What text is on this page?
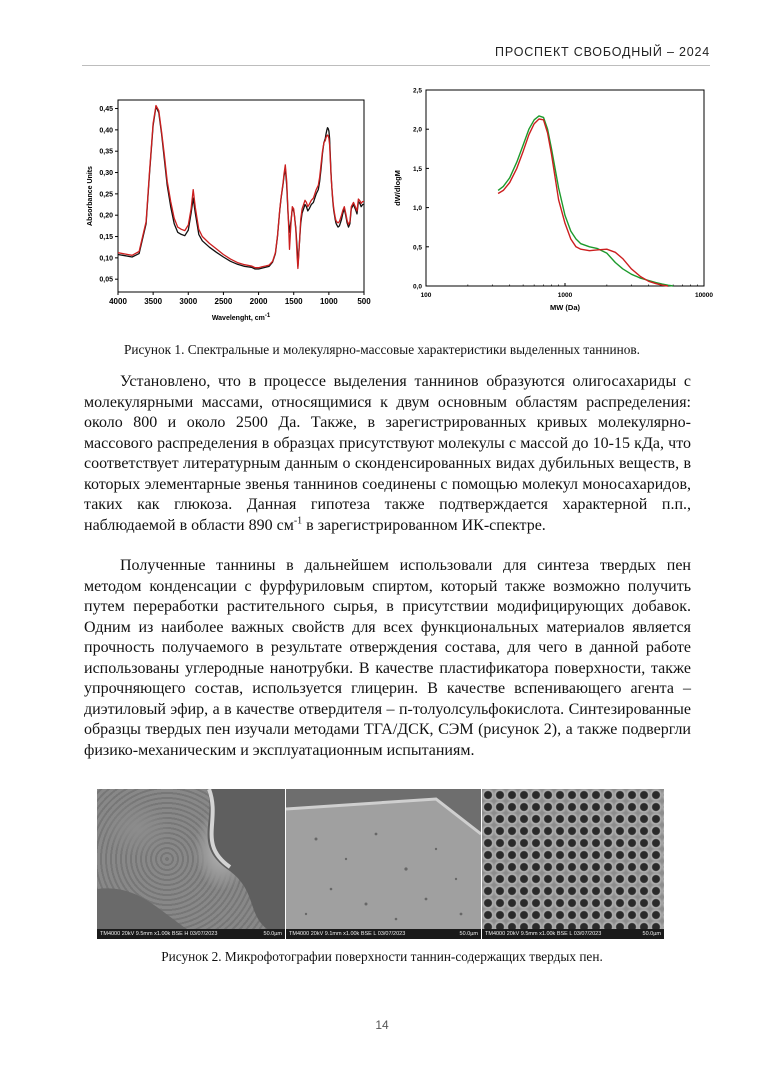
ПРОСПЕКТ СВОБОДНЫЙ – 2024
0,05
0,10
0,15
0,20
0,25
0,30
0,35
0,40
0,45
4000 3500 3000 2500 2000 1500 1000 500
Wavelenght, cm-1
Absorbance Units
0,0
0,5
1,0
1,5
2,0
2,5
100	1000	10000
MW (Da)
dW/dlogM
Рисунок 1. Спектральные и молекулярно-массовые характеристики выделенных таннинов.

Установлено, что в процессе выделения таннинов образуются олигосахариды с молекулярными массами, относящимися к двум основным областям распределения: около 800 и около 2500 Да. Также, в зарегистрированных кривых молекулярно-массового распределения в образцах присутствуют молекулы с массой до 10-15 кДа, что соответствует литературным данным о сконденсированных видах дубильных веществ, в которых элементарные звенья таннинов соединены с помощью молекул моносахаридов, таких как глюкоза. Данная гипотеза также подтверждается характерной п.п., наблюдаемой в области 890 $см^{-1}$ в зарегистрированном ИК-спектре.

Полученные таннины в дальнейшем использовали для синтеза твердых пен методом конденсации с фурфуриловым спиртом, который также возможно получить путем переработки растительного сырья, в присутствии модифицирующих добавок. Одним из наиболее важных свойств для всех функциональных материалов является прочность получаемого в результате отверждения состава, для чего в данной работе использованы углеродные нанотрубки. В качестве пластификатора поверхности, также упрочняющего состав, используется глицерин. В качестве вспенивающего агента – диэтиловый эфир, а в качестве отвердителя – п-толуолсульфокислота. Синтезированные образцы твердых пен изучали методами ТГА/ДСК, СЭМ (рисунок 2), а также подвергли физико-механическим и эксплуатационным испытаниям.

TM4000 20kV 9.5mm x1.00k BSE H 03/07/2023	50.0µm	TM4000 20kV 9.1mm x1.00k BSE L 03/07/2023	50.0µm	TM4000 20kV 9.5mm x1.00k BSE L 03/07/2023	50.0µm
Рисунок 2. Микрофотографии поверхности таннин-содержащих твердых пен.
14
